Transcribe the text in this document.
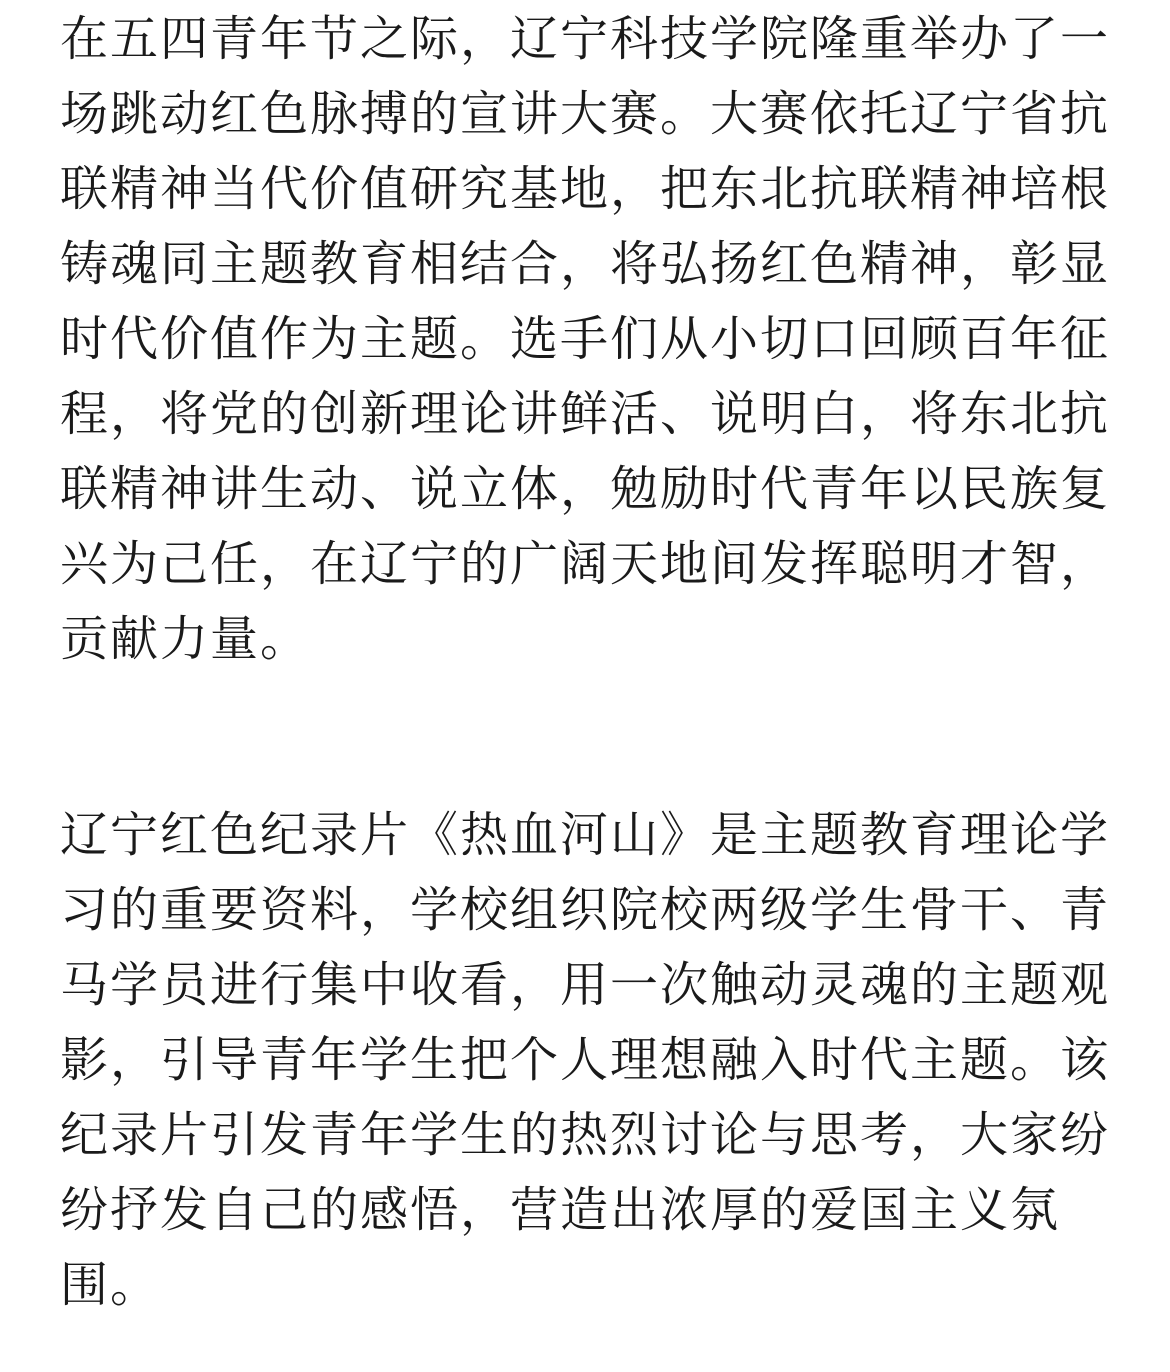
在五四青年节之际，辽宁科技学院隆重举办了一
场跳动红色脉搏的宣讲大赛。大赛依托辽宁省抗
联精神当代价值研究基地，把东北抗联精神培根
铸魂同主题教育相结合，将弘扬红色精神，彰显
时代价值作为主题。选手们从小切口回顾百年征
程，将党的创新理论讲鲜活、说明白，将东北抗
联精神讲生动、说立体，勉励时代青年以民族复
兴为己任，在辽宁的广阔天地间发挥聪明才智，
贡献力量。

辽宁红色纪录片《热血河山》是主题教育理论学
习的重要资料，学校组织院校两级学生骨干、青
马学员进行集中收看，用一次触动灵魂的主题观
影，引导青年学生把个人理想融入时代主题。该
纪录片引发青年学生的热烈讨论与思考，大家纷
纷抒发自己的感悟，营造出浓厚的爱国主义氛
围。
